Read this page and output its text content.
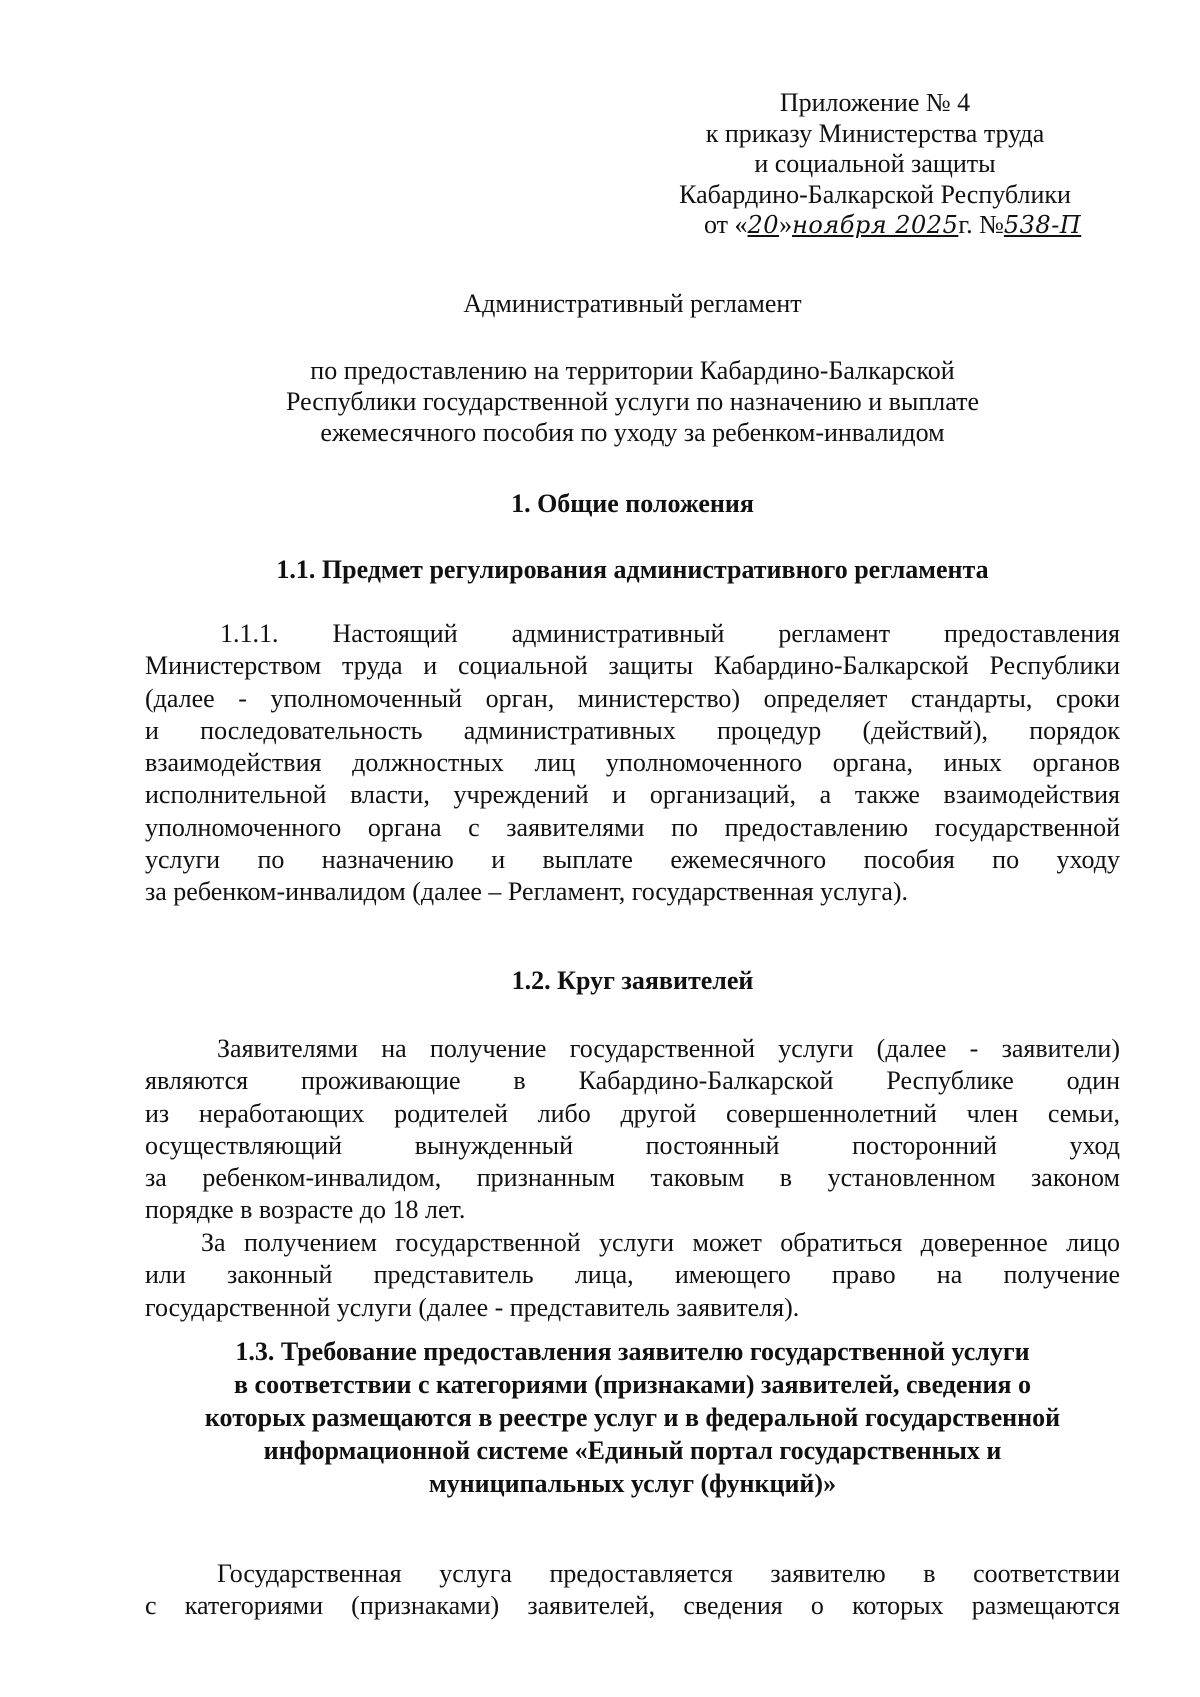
Приложение № 4
к приказу Министерства труда
и социальной защиты
Кабардино-Балкарской Республики
от «20»ноября 2025г. №538-П
Административный регламент
по предоставлению на территории Кабардино-Балкарской
Республики государственной услуги по назначению и выплате
ежемесячного пособия по уходу за ребенком-инвалидом
1. Общие положения
1.1. Предмет регулирования административного регламента
1.1.1. Настоящий административный регламент предоставления
Министерством труда и социальной защиты Кабардино-Балкарской Республики
(далее - уполномоченный орган, министерство) определяет стандарты, сроки
и последовательность административных процедур (действий), порядок
взаимодействия должностных лиц уполномоченного органа, иных органов
исполнительной власти, учреждений и организаций, а также взаимодействия
уполномоченного органа с заявителями по предоставлению государственной
услуги по назначению и выплате ежемесячного пособия по уходу
за ребенком-инвалидом (далее – Регламент, государственная услуга).
1.2. Круг заявителей
Заявителями на получение государственной услуги (далее - заявители)
являются проживающие в Кабардино-Балкарской Республике один
из неработающих родителей либо другой совершеннолетний член семьи,
осуществляющий вынужденный постоянный посторонний уход
за ребенком-инвалидом, признанным таковым в установленном законом
порядке в возрасте до 18 лет.
За получением государственной услуги может обратиться доверенное лицо
или законный представитель лица, имеющего право на получение
государственной услуги (далее - представитель заявителя).
1.3. Требование предоставления заявителю государственной услуги
в соответствии с категориями (признаками) заявителей, сведения о
которых размещаются в реестре услуг и в федеральной государственной
информационной системе «Единый портал государственных и
муниципальных услуг (функций)»
Государственная услуга предоставляется заявителю в соответствии
с категориями (признаками) заявителей, сведения о которых размещаются
